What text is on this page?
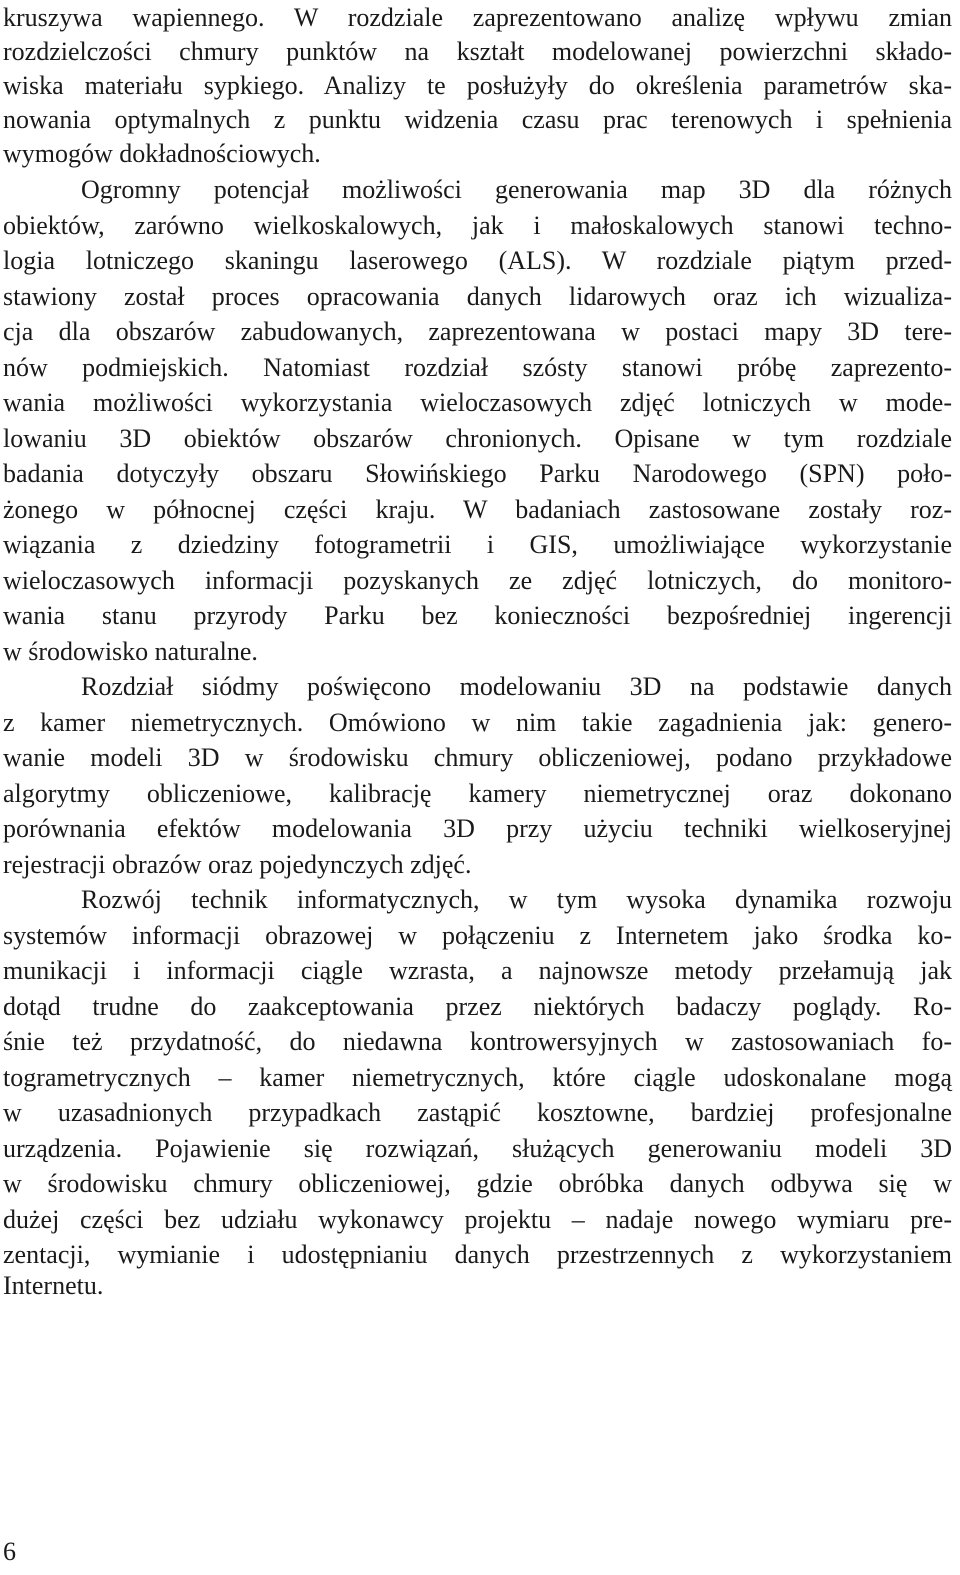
kruszywa wapiennego. W rozdziale zaprezentowano analizę wpływu zmian
rozdzielczości chmury punktów na kształt modelowanej powierzchni składo-
wiska materiału sypkiego. Analizy te posłużyły do określenia parametrów ska-
nowania optymalnych z punktu widzenia czasu prac terenowych i spełnienia
wymogów dokładnościowych.
Ogromny potencjał możliwości generowania map 3D dla różnych
obiektów, zarówno wielkoskalowych, jak i małoskalowych stanowi techno-
logia lotniczego skaningu laserowego (ALS). W rozdziale piątym przed-
stawiony został proces opracowania danych lidarowych oraz ich wizualiza-
cja dla obszarów zabudowanych, zaprezentowana w postaci mapy 3D tere-
nów podmiejskich. Natomiast rozdział szósty stanowi próbę zaprezento-
wania możliwości wykorzystania wieloczasowych zdjęć lotniczych w mode-
lowaniu 3D obiektów obszarów chronionych. Opisane w tym rozdziale
badania dotyczyły obszaru Słowińskiego Parku Narodowego (SPN) poło-
żonego w północnej części kraju. W badaniach zastosowane zostały roz-
wiązania z dziedziny fotogrametrii i GIS, umożliwiające wykorzystanie
wieloczasowych informacji pozyskanych ze zdjęć lotniczych, do monitoro-
wania stanu przyrody Parku bez konieczności bezpośredniej ingerencji
w środowisko naturalne.
Rozdział siódmy poświęcono modelowaniu 3D na podstawie danych
z kamer niemetrycznych. Omówiono w nim takie zagadnienia jak: genero-
wanie modeli 3D w środowisku chmury obliczeniowej, podano przykładowe
algorytmy obliczeniowe, kalibrację kamery niemetrycznej oraz dokonano
porównania efektów modelowania 3D przy użyciu techniki wielkoseryjnej
rejestracji obrazów oraz pojedynczych zdjęć.
Rozwój technik informatycznych, w tym wysoka dynamika rozwoju
systemów informacji obrazowej w połączeniu z Internetem jako środka ko-
munikacji i informacji ciągle wzrasta, a najnowsze metody przełamują jak
dotąd trudne do zaakceptowania przez niektórych badaczy poglądy. Ro-
śnie też przydatność, do niedawna kontrowersyjnych w zastosowaniach fo-
togrametrycznych – kamer niemetrycznych, które ciągle udoskonalane mogą
w uzasadnionych przypadkach zastąpić kosztowne, bardziej profesjonalne
urządzenia. Pojawienie się rozwiązań, służących generowaniu modeli 3D
w środowisku chmury obliczeniowej, gdzie obróbka danych odbywa się w
dużej części bez udziału wykonawcy projektu – nadaje nowego wymiaru pre-
zentacji, wymianie i udostępnianiu danych przestrzennych z wykorzystaniem
Internetu.
6
